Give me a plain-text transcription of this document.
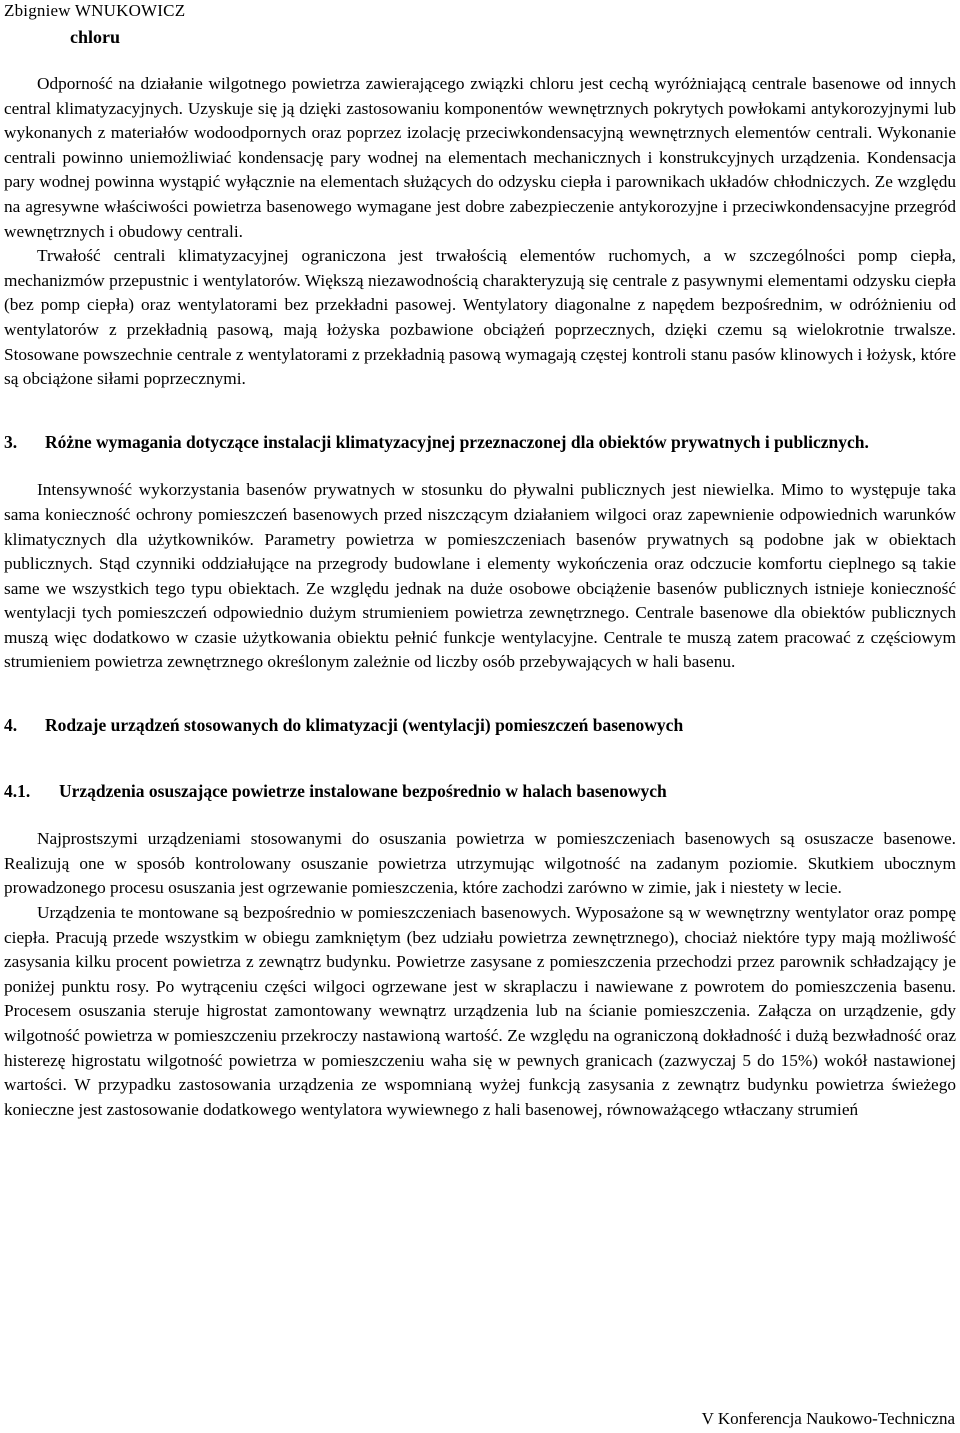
Zbigniew WNUKOWICZ
chloru

Odporność na działanie wilgotnego powietrza zawierającego związki chloru jest cechą wyróżniającą centrale basenowe od innych central klimatyzacyjnych. Uzyskuje się ją dzięki zastosowaniu komponentów wewnętrznych pokrytych powłokami antykorozyjnymi lub wykonanych z materiałów wodoodpornych oraz poprzez izolację przeciwkondensacyjną wewnętrznych elementów centrali. Wykonanie centrali powinno uniemożliwiać kondensację pary wodnej na elementach mechanicznych i konstrukcyjnych urządzenia. Kondensacja pary wodnej powinna wystąpić wyłącznie na elementach służących do odzysku ciepła i parownikach układów chłodniczych. Ze względu na agresywne właściwości powietrza basenowego wymagane jest dobre zabezpieczenie antykorozyjne i przeciwkondensacyjne przegród wewnętrznych i obudowy centrali.

Trwałość centrali klimatyzacyjnej ograniczona jest trwałością elementów ruchomych, a w szczególności pomp ciepła, mechanizmów przepustnic i wentylatorów. Większą niezawodnością charakteryzują się centrale z pasywnymi elementami odzysku ciepła (bez pomp ciepła) oraz wentylatorami bez przekładni pasowej. Wentylatory diagonalne z napędem bezpośrednim, w odróżnieniu od wentylatorów z przekładnią pasową, mają łożyska pozbawione obciążeń poprzecznych, dzięki czemu są wielokrotnie trwalsze. Stosowane powszechnie centrale z wentylatorami z przekładnią pasową wymagają częstej kontroli stanu pasów klinowych i łożysk, które są obciążone siłami poprzecznymi.

3.	Różne wymagania dotyczące instalacji klimatyzacyjnej przeznaczonej dla obiektów prywatnych i publicznych.

Intensywność wykorzystania basenów prywatnych w stosunku do pływalni publicznych jest niewielka. Mimo to występuje taka sama konieczność ochrony pomieszczeń basenowych przed niszczącym działaniem wilgoci oraz zapewnienie odpowiednich warunków klimatycznych dla użytkowników. Parametry powietrza w pomieszczeniach basenów prywatnych są podobne jak w obiektach publicznych. Stąd czynniki oddziałujące na przegrody budowlane i elementy wykończenia oraz odczucie komfortu cieplnego są takie same we wszystkich tego typu obiektach. Ze względu jednak na duże osobowe obciążenie basenów publicznych istnieje konieczność wentylacji tych pomieszczeń odpowiednio dużym strumieniem powietrza zewnętrznego. Centrale basenowe dla obiektów publicznych muszą więc dodatkowo w czasie użytkowania obiektu pełnić funkcje wentylacyjne. Centrale te muszą zatem pracować z częściowym strumieniem powietrza zewnętrznego określonym zależnie od liczby osób przebywających w hali basenu.

4.	Rodzaje urządzeń stosowanych do klimatyzacji (wentylacji) pomieszczeń basenowych
4.1.	Urządzenia osuszające powietrze instalowane bezpośrednio w halach basenowych

Najprostszymi urządzeniami stosowanymi do osuszania powietrza w pomieszczeniach basenowych są osuszacze basenowe. Realizują one w sposób kontrolowany osuszanie powietrza utrzymując wilgotność na zadanym poziomie. Skutkiem ubocznym prowadzonego procesu osuszania jest ogrzewanie pomieszczenia, które zachodzi zarówno w zimie, jak i niestety w lecie.

Urządzenia te montowane są bezpośrednio w pomieszczeniach basenowych. Wyposażone są w wewnętrzny wentylator oraz pompę ciepła. Pracują przede wszystkim w obiegu zamkniętym (bez udziału powietrza zewnętrznego), chociaż niektóre typy mają możliwość zasysania kilku procent powietrza z zewnątrz budynku. Powietrze zasysane z pomieszczenia przechodzi przez parownik schładzający je poniżej punktu rosy. Po wytrąceniu części wilgoci ogrzewane jest w skraplaczu i nawiewane z powrotem do pomieszczenia basenu. Procesem osuszania steruje higrostat zamontowany wewnątrz urządzenia lub na ścianie pomieszczenia. Załącza on urządzenie, gdy wilgotność powietrza w pomieszczeniu przekroczy nastawioną wartość. Ze względu na ograniczoną dokładność i dużą bezwładność oraz histerezę higrostatu wilgotność powietrza w pomieszczeniu waha się w pewnych granicach (zazwyczaj 5 do 15%) wokół nastawionej wartości. W przypadku zastosowania urządzenia ze wspomnianą wyżej funkcją zasysania z zewnątrz budynku powietrza świeżego konieczne jest zastosowanie dodatkowego wentylatora wywiewnego z hali basenowej, równoważącego wtłaczany strumień

V Konferencja Naukowo-Techniczna
